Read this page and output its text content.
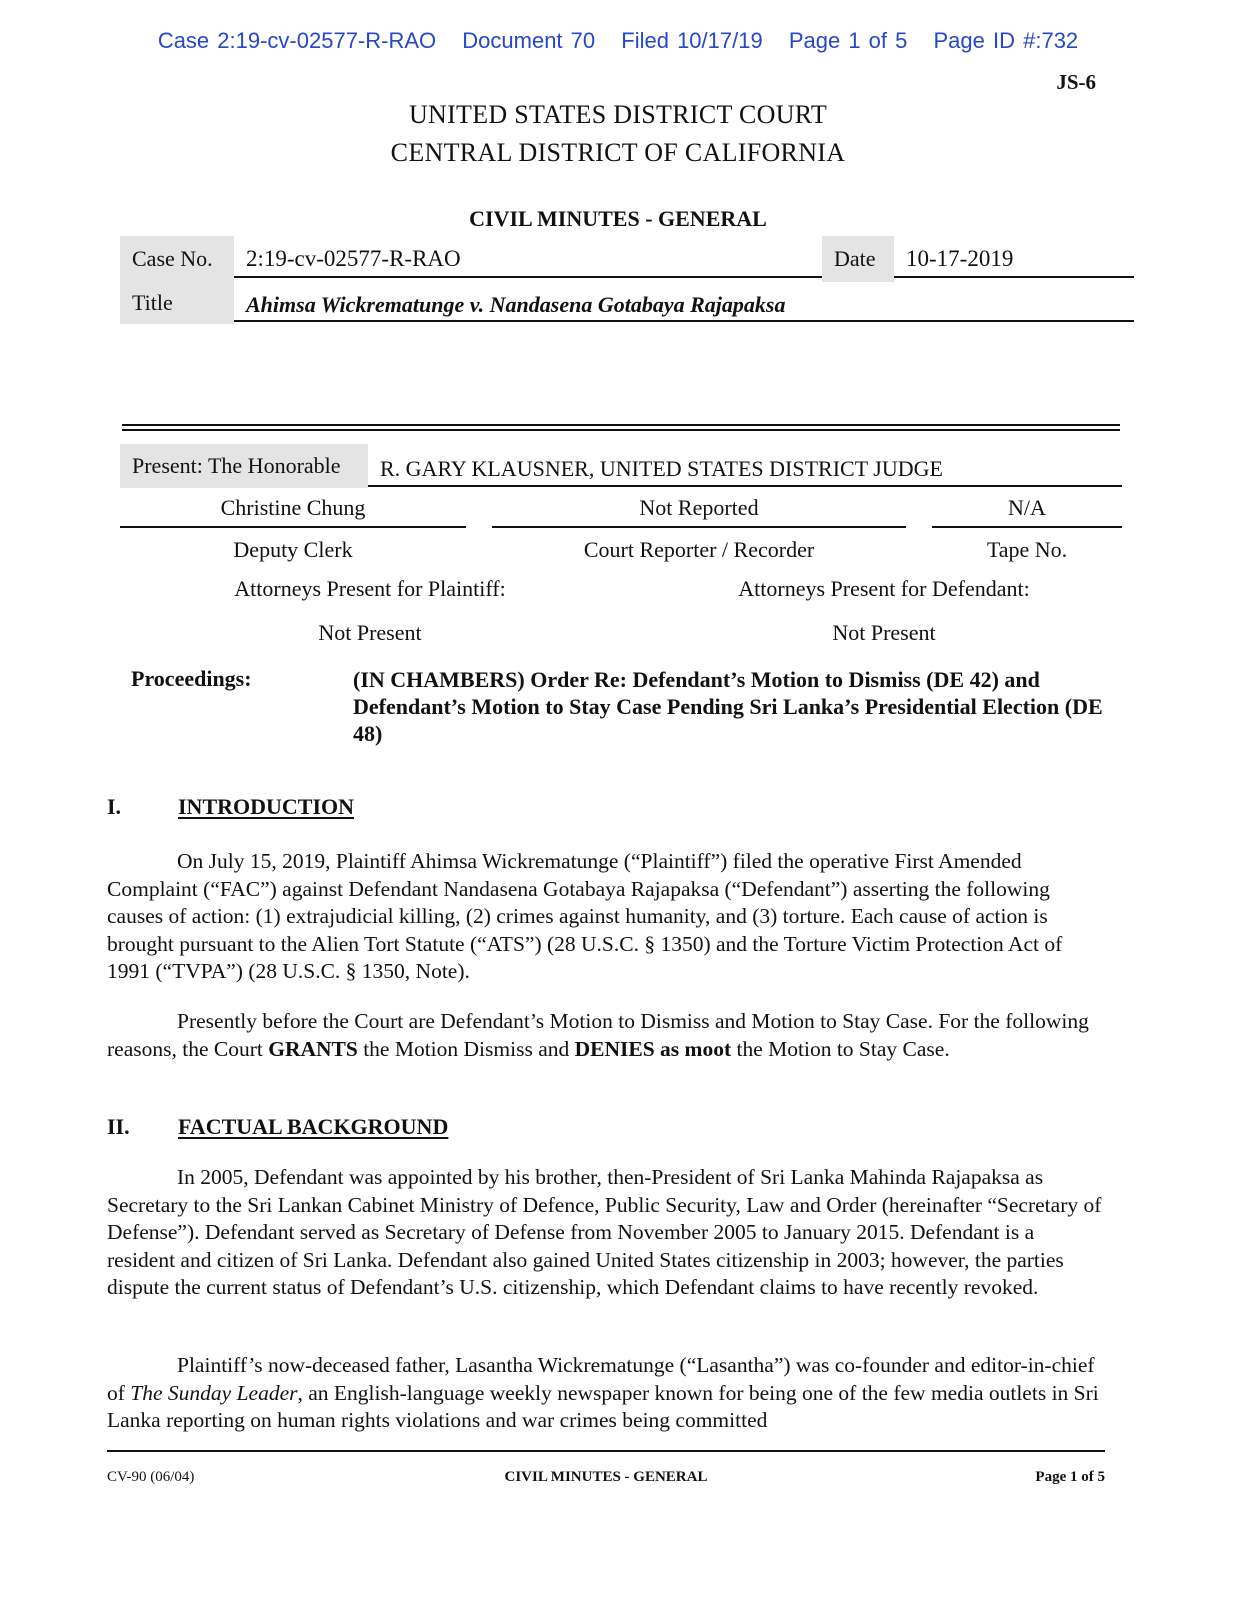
Case 2:19-cv-02577-R-RAO Document 70 Filed 10/17/19 Page 1 of 5 Page ID #:732
JS-6
UNITED STATES DISTRICT COURT
CENTRAL DISTRICT OF CALIFORNIA
CIVIL MINUTES - GENERAL
Case No.	2:19-cv-02577-R-RAO	Date	10-17-2019
Title	Ahimsa Wickrematunge v. Nandasena Gotabaya Rajapaksa
Present: The Honorable	R. GARY KLAUSNER, UNITED STATES DISTRICT JUDGE
Christine Chung	Not Reported	N/A
Deputy Clerk	Court Reporter / Recorder	Tape No.
Attorneys Present for Plaintiff:	Attorneys Present for Defendant:
Not Present	Not Present
Proceedings:	(IN CHAMBERS) Order Re: Defendant’s Motion to Dismiss (DE 42) and Defendant’s Motion to Stay Case Pending Sri Lanka’s Presidential Election (DE 48)
I.	INTRODUCTION
On July 15, 2019, Plaintiff Ahimsa Wickrematunge (“Plaintiff”) filed the operative First Amended Complaint (“FAC”) against Defendant Nandasena Gotabaya Rajapaksa (“Defendant”) asserting the following causes of action: (1) extrajudicial killing, (2) crimes against humanity, and (3) torture. Each cause of action is brought pursuant to the Alien Tort Statute (“ATS”) (28 U.S.C. § 1350) and the Torture Victim Protection Act of 1991 (“TVPA”) (28 U.S.C. § 1350, Note).
Presently before the Court are Defendant’s Motion to Dismiss and Motion to Stay Case. For the following reasons, the Court GRANTS the Motion Dismiss and DENIES as moot the Motion to Stay Case.
II. FACTUAL BACKGROUND
In 2005, Defendant was appointed by his brother, then-President of Sri Lanka Mahinda Rajapaksa as Secretary to the Sri Lankan Cabinet Ministry of Defence, Public Security, Law and Order (hereinafter “Secretary of Defense”). Defendant served as Secretary of Defense from November 2005 to January 2015. Defendant is a resident and citizen of Sri Lanka. Defendant also gained United States citizenship in 2003; however, the parties dispute the current status of Defendant’s U.S. citizenship, which Defendant claims to have recently revoked.
Plaintiff’s now-deceased father, Lasantha Wickrematunge (“Lasantha”) was co-founder and editor-in-chief of The Sunday Leader, an English-language weekly newspaper known for being one of the few media outlets in Sri Lanka reporting on human rights violations and war crimes being committed
CV-90 (06/04)	CIVIL MINUTES - GENERAL	Page 1 of 5
